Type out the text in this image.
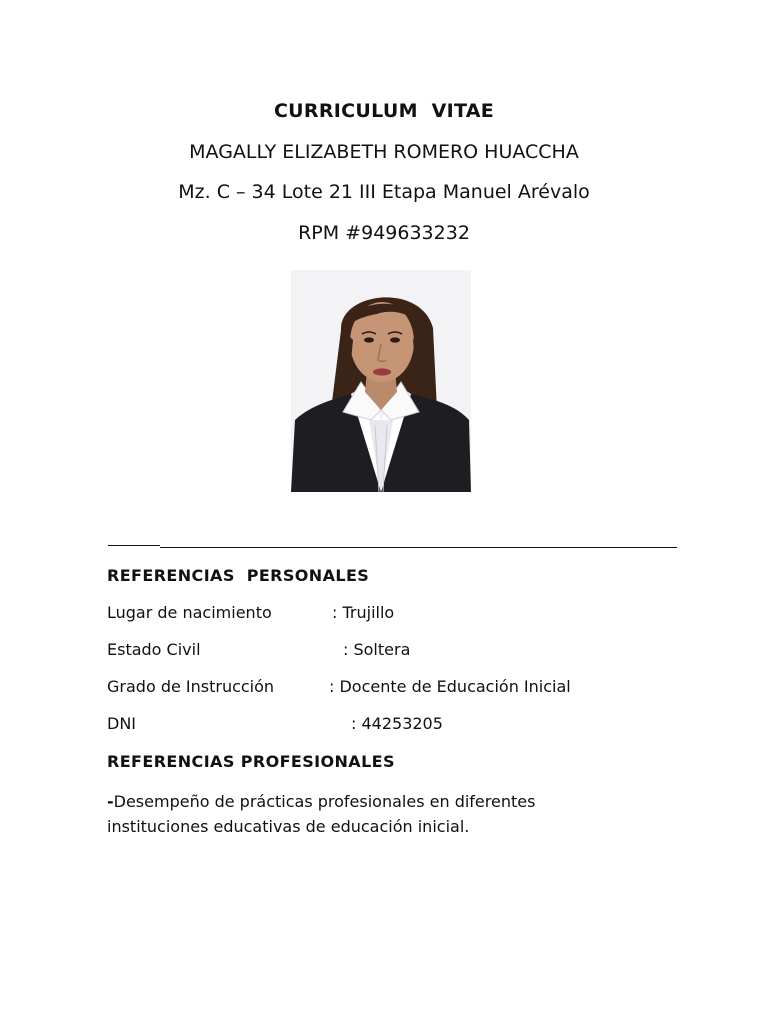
CURRICULUM  VITAE
MAGALLY ELIZABETH ROMERO HUACCHA
Mz. C – 34 Lote 21 III Etapa Manuel Arévalo
RPM #949633232
REFERENCIAS  PERSONALES

Lugar de nacimiento

	: Trujillo

Estado Civil

	: Soltera

Grado de Instrucción

	: Docente de Educación Inicial

DNI

	: 44253205

REFERENCIAS PROFESIONALES
-Desempeño de prácticas profesionales en diferentes instituciones educativas de educación inicial.
